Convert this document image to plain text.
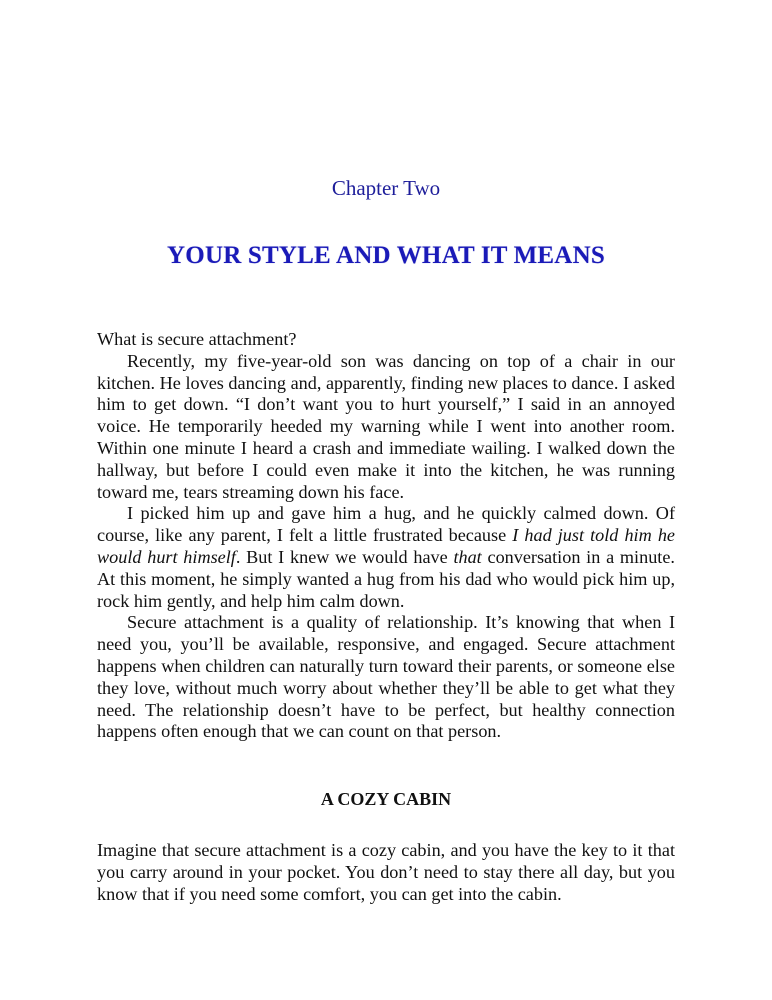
Chapter Two
YOUR STYLE AND WHAT IT MEANS

What is secure attachment?

Recently, my five-year-old son was dancing on top of a chair in our kitchen. He loves dancing and, apparently, finding new places to dance. I asked him to get down. “I don’t want you to hurt yourself,” I said in an annoyed voice. He temporarily heeded my warning while I went into another room. Within one minute I heard a crash and immediate wailing. I walked down the hallway, but before I could even make it into the kitchen, he was running toward me, tears streaming down his face.

I picked him up and gave him a hug, and he quickly calmed down. Of course, like any parent, I felt a little frustrated because I had just told him he would hurt himself. But I knew we would have that conversation in a minute. At this moment, he simply wanted a hug from his dad who would pick him up, rock him gently, and help him calm down.

Secure attachment is a quality of relationship. It’s knowing that when I need you, you’ll be available, responsive, and engaged. Secure attachment happens when children can naturally turn toward their parents, or someone else they love, without much worry about whether they’ll be able to get what they need. The relationship doesn’t have to be perfect, but healthy connection happens often enough that we can count on that person.

A COZY CABIN

Imagine that secure attachment is a cozy cabin, and you have the key to it that you carry around in your pocket. You don’t need to stay there all day, but you know that if you need some comfort, you can get into the cabin.
